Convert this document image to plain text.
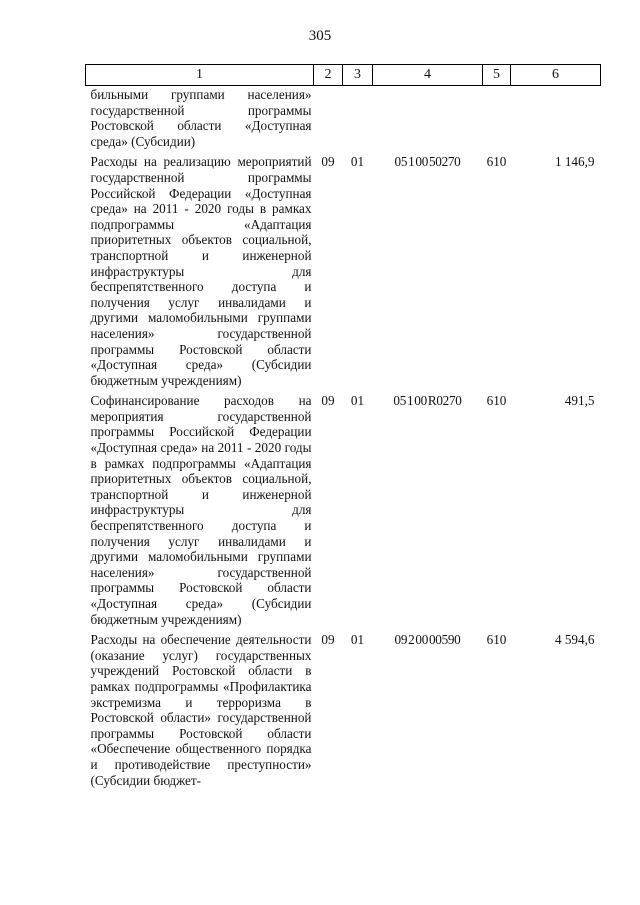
305
1	2	3	4	5	6
бильными группами населения» государственной программы Ростовской области «Доступная среда» (Субсидии)					
Расходы на реализацию мероприятий государственной программы Российской Федерации «Доступная среда» на 2011 - 2020 годы в рамках подпрограммы «Адаптация приоритетных объектов социальной, транспортной и инженерной инфраструктуры для беспрепятственного доступа и получения услуг инвалидами и другими маломобильными группами населения» государственной программы Ростовской области «Доступная среда» (Субсидии бюджетным учреждениям)	09	01	05 1 00 50270	610	1 146,9
Софинансирование расходов на мероприятия государственной программы Российской Федерации «Доступная среда» на 2011 - 2020 годы в рамках подпрограммы «Адаптация приоритетных объектов социальной, транспортной и инженерной инфраструктуры для беспрепятственного доступа и получения услуг инвалидами и другими маломобильными группами населения» государственной программы Ростовской области «Доступная среда» (Субсидии бюджетным учреждениям)	09	01	05 1 00 R0270	610	491,5
Расходы на обеспечение деятельности (оказание услуг) государственных учреждений Ростовской области в рамках подпрограммы «Профилактика экстремизма и терроризма в Ростовской области» государственной программы Ростовской области «Обеспечение общественного порядка и противодействие преступности» (Субсидии бюджет-	09	01	09 2 00 00590	610	4 594,6
